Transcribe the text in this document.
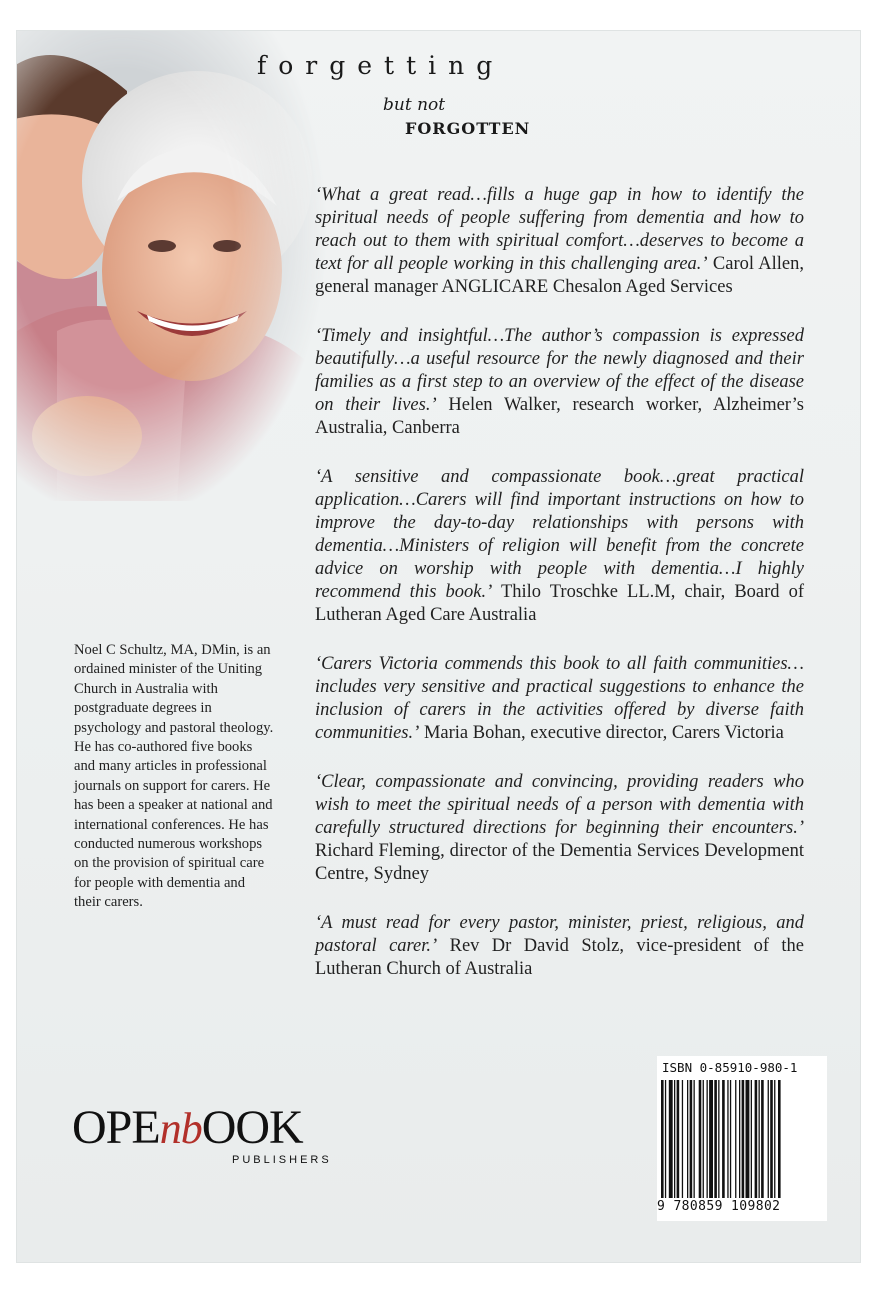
forgetting
but not
FORGOTTEN

‘What a great read…fills a huge gap in how to identify the spiritual needs of people suffering from dementia and how to reach out to them with spiritual comfort…deserves to become a text for all people working in this challenging area.’ Carol Allen, general manager ANGLICARE Chesalon Aged Services

‘Timely and insightful…The author’s compassion is expressed beautifully…a useful resource for the newly diagnosed and their families as a first step to an overview of the effect of the disease on their lives.’ Helen Walker, research worker, Alzheimer’s Australia, Canberra

‘A sensitive and compassionate book…great practical application…Carers will find important instructions on how to improve the day-to-day relationships with persons with dementia…Ministers of religion will benefit from the concrete advice on worship with people with dementia…I highly recommend this book.’ Thilo Troschke LL.M, chair, Board of Lutheran Aged Care Australia

‘Carers Victoria commends this book to all faith communities…includes very sensitive and practical suggestions to enhance the inclusion of carers in the activities offered by diverse faith communities.’ Maria Bohan, executive director, Carers Victoria

‘Clear, compassionate and convincing, providing readers who wish to meet the spiritual needs of a person with dementia with carefully structured directions for beginning their encounters.’ Richard Fleming, director of the Dementia Services Development Centre, Sydney

‘A must read for every pastor, minister, priest, religious, and pastoral carer.’ Rev Dr David Stolz, vice-president of the Lutheran Church of Australia

Noel C Schultz, MA, DMin, is an ordained minister of the Uniting Church in Australia with postgraduate degrees in psychology and pastoral theology. He has co-authored five books and many articles in professional journals on support for carers. He has been a speaker at national and international conferences. He has conducted numerous workshops on the provision of spiritual care for people with dementia and their carers.
OPEnbOOK
PUBLISHERS
ISBN 0-85910-980-1
9 780859 109802
